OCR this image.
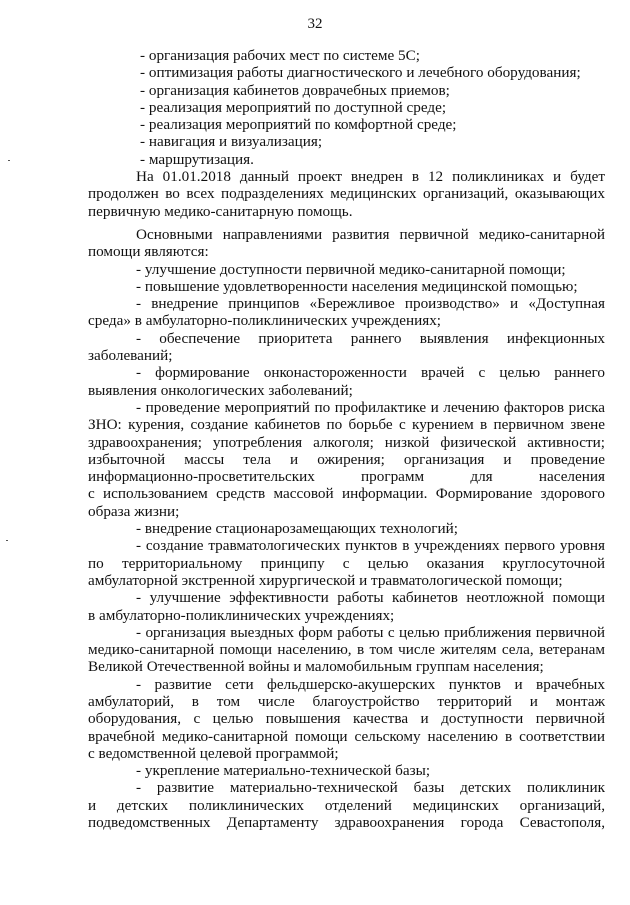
32
- организация рабочих мест по системе 5С;
- оптимизация работы диагностического и лечебного оборудования;
- организация кабинетов доврачебных приемов;
- реализация мероприятий по доступной среде;
- реализация мероприятий по комфортной среде;
- навигация и визуализация;
- маршрутизация.
На 01.01.2018 данный проект внедрен в 12 поликлиниках и будет
продолжен во всех подразделениях медицинских организаций, оказывающих
первичную медико-санитарную помощь.
Основными направлениями развития первичной медико-санитарной
помощи являются:
- улучшение доступности первичной медико-санитарной помощи;
- повышение удовлетворенности населения медицинской помощью;
- внедрение принципов «Бережливое производство» и «Доступная
среда» в амбулаторно-поликлинических учреждениях;
- обеспечение приоритета раннего выявления инфекционных
заболеваний;
- формирование онконастороженности врачей с целью раннего
выявления онкологических заболеваний;
- проведение мероприятий по профилактике и лечению факторов риска
ЗНО: курения, создание кабинетов по борьбе с курением в первичном звене
здравоохранения; употребления алкоголя; низкой физической активности;
избыточной массы тела и ожирения; организация и проведение
информационно-просветительских программ для населения
с использованием средств массовой информации. Формирование здорового
образа жизни;
- внедрение стационарозамещающих технологий;
- создание травматологических пунктов в учреждениях первого уровня
по территориальному принципу с целью оказания круглосуточной
амбулаторной экстренной хирургической и травматологической помощи;
- улучшение эффективности работы кабинетов неотложной помощи
в амбулаторно-поликлинических учреждениях;
- организация выездных форм работы с целью приближения первичной
медико-санитарной помощи населению, в том числе жителям села, ветеранам
Великой Отечественной войны и маломобильным группам населения;
- развитие сети фельдшерско-акушерских пунктов и врачебных
амбулаторий, в том числе благоустройство территорий и монтаж
оборудования, с целью повышения качества и доступности первичной
врачебной медико-санитарной помощи сельскому населению в соответствии
с ведомственной целевой программой;
- укрепление материально-технической базы;
- развитие материально-технической базы детских поликлиник
и детских поликлинических отделений медицинских организаций,
подведомственных Департаменту здравоохранения города Севастополя,
